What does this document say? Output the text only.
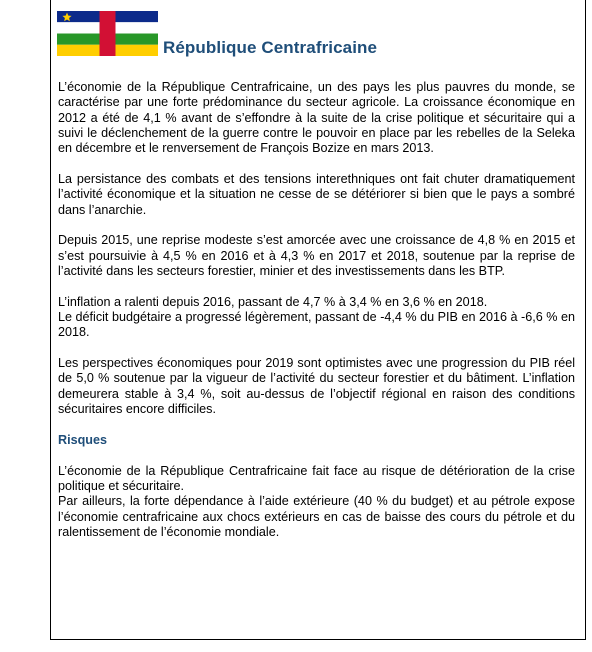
République Centrafricaine

L’économie de la République Centrafricaine, un des pays les plus pauvres du monde, se caractérise par une forte prédominance du secteur agricole. La croissance économique en 2012 a été de 4,1 % avant de s’effondre à la suite de la crise politique et sécuritaire qui a suivi le déclenchement de la guerre contre le pouvoir en place par les rebelles de la Seleka en décembre et le renversement de François Bozize en mars 2013.

La persistance des combats et des tensions interethniques ont fait chuter dramatiquement l’activité économique et la situation ne cesse de se détériorer si bien que le pays a sombré dans l’anarchie.

Depuis 2015, une reprise modeste s’est amorcée avec une croissance de 4,8 % en 2015 et s’est poursuivie à 4,5 % en 2016 et à 4,3 % en 2017 et 2018, soutenue par la reprise de l’activité dans les secteurs forestier, minier et des investissements dans les BTP.

L’inflation a ralenti depuis 2016, passant de 4,7 % à 3,4 % en 3,6 % en 2018.

Le déficit budgétaire a progressé légèrement, passant de -4,4 % du PIB en 2016 à -6,6 % en 2018.

Les perspectives économiques pour 2019 sont optimistes avec une progression du PIB réel de 5,0 % soutenue par la vigueur de l’activité du secteur forestier et du bâtiment. L’inflation demeurera stable à 3,4 %, soit au-dessus de l’objectif régional en raison des conditions sécuritaires encore difficiles.

Risques

L’économie de la République Centrafricaine fait face au risque de détérioration de la crise politique et sécuritaire.

Par ailleurs, la forte dépendance à l’aide extérieure (40 % du budget) et au pétrole expose l’économie centrafricaine aux chocs extérieurs en cas de baisse des cours du pétrole et du ralentissement de l’économie mondiale.
